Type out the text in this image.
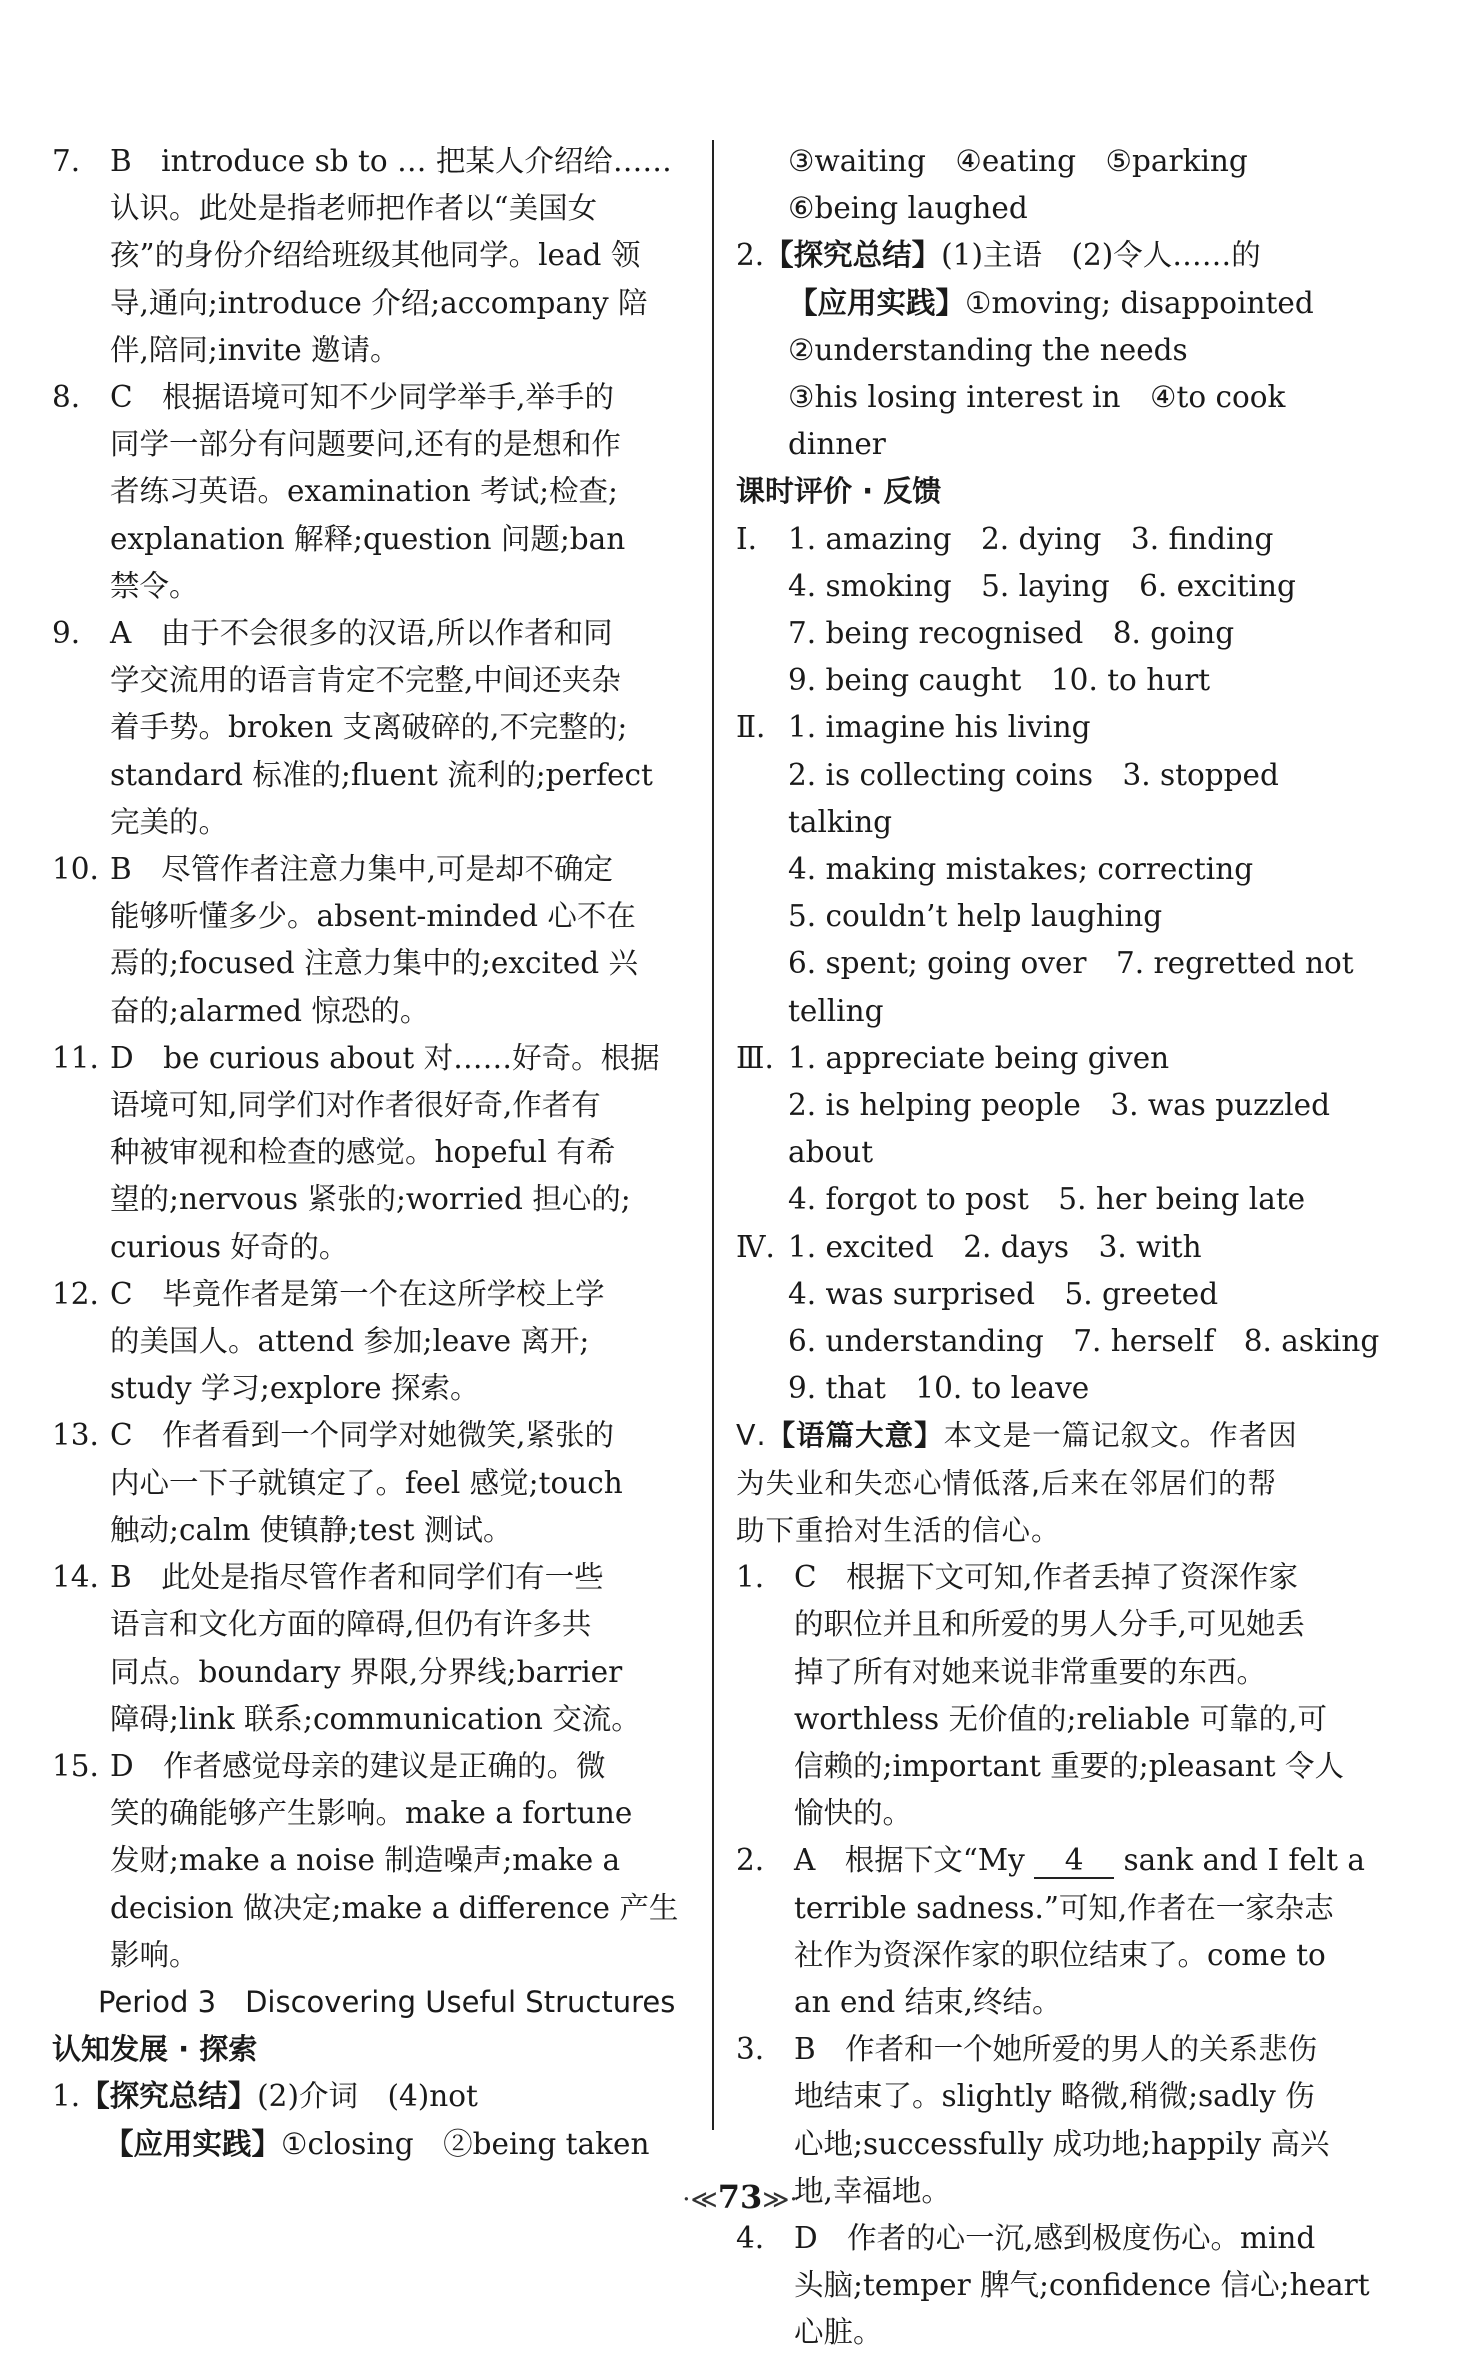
7. B　introduce sb to … 把某人介绍给……
认识。此处是指老师把作者以“美国女
孩”的身份介绍给班级其他同学。lead 领
导,通向;introduce 介绍;accompany 陪
伴,陪同;invite 邀请。
8. C　根据语境可知不少同学举手,举手的
同学一部分有问题要问,还有的是想和作
者练习英语。examination 考试;检查;
explanation 解释;question 问题;ban
禁令。
9. A　由于不会很多的汉语,所以作者和同
学交流用的语言肯定不完整,中间还夹杂
着手势。broken 支离破碎的,不完整的;
standard 标准的;fluent 流利的;perfect
完美的。
10. B　尽管作者注意力集中,可是却不确定
能够听懂多少。absent-minded 心不在
焉的;focused 注意力集中的;excited 兴
奋的;alarmed 惊恐的。
11. D　be curious about 对……好奇。根据
语境可知,同学们对作者很好奇,作者有
种被审视和检查的感觉。hopeful 有希
望的;nervous 紧张的;worried 担心的;
curious 好奇的。
12. C　毕竟作者是第一个在这所学校上学
的美国人。attend 参加;leave 离开;
study 学习;explore 探索。
13. C　作者看到一个同学对她微笑,紧张的
内心一下子就镇定了。feel 感觉;touch
触动;calm 使镇静;test 测试。
14. B　此处是指尽管作者和同学们有一些
语言和文化方面的障碍,但仍有许多共
同点。boundary 界限,分界线;barrier
障碍;link 联系;communication 交流。
15. D　作者感觉母亲的建议是正确的。微
笑的确能够产生影响。make a fortune
发财;make a noise 制造噪声;make a
decision 做决定;make a difference 产生
影响。
Period 3　Discovering Useful Structures
认知发展 · 探索
1.【探究总结】(2)介词　(4)not
【应用实践】①closing　②being taken
③waiting　④eating　⑤parking
⑥being laughed
2.【探究总结】(1)主语　(2)令人……的
【应用实践】①moving; disappointed
②understanding the needs
③his losing interest in　④to cook dinner
课时评价 · 反馈
Ⅰ. 1. amazing　2. dying　3. finding
4. smoking　5. laying　6. exciting
7. being recognised　8. going
9. being caught　10. to hurt
Ⅱ. 1. imagine his living
2. is collecting coins　3. stopped talking
4. making mistakes; correcting
5. couldn’t help laughing
6. spent; going over　7. regretted not telling
Ⅲ. 1. appreciate being given
2. is helping people　3. was puzzled about
4. forgot to post　5. her being late
Ⅳ. 1. excited　2. days　3. with
4. was surprised　5. greeted
6. understanding　7. herself　8. asking
9. that　10. to leave
Ⅴ.【语篇大意】本文是一篇记叙文。作者因
为失业和失恋心情低落,后来在邻居们的帮
助下重拾对生活的信心。
1. C　根据下文可知,作者丢掉了资深作家
的职位并且和所爱的男人分手,可见她丢
掉了所有对她来说非常重要的东西。
worthless 无价值的;reliable 可靠的,可
信赖的;important 重要的;pleasant 令人
愉快的。
2. A　根据下文“My 4 sank and I felt a
terrible sadness.”可知,作者在一家杂志
社作为资深作家的职位结束了。come to
an end 结束,终结。
3. B　作者和一个她所爱的男人的关系悲伤
地结束了。slightly 略微,稍微;sadly 伤
心地;successfully 成功地;happily 高兴
地,幸福地。
4. D　作者的心一沉,感到极度伤心。mind
头脑;temper 脾气;confidence 信心;heart
心脏。
·≪73≫·
